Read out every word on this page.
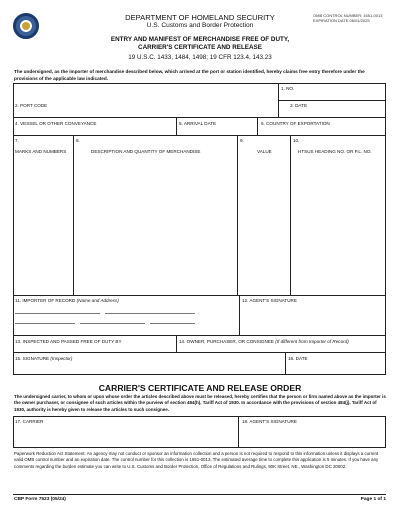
DEPARTMENT OF HOMELAND SECURITY
U.S. Customs and Border Protection
OMB CONTROL NUMBER: 1651-0013
EXPIRATION DATE 06/01/2025
ENTRY AND MANIFEST OF MERCHANDISE FREE OF DUTY,
CARRIER'S CERTIFICATE AND RELEASE
19 U.S.C. 1433, 1484, 1498; 19 CFR 123.4, 143.23
The undersigned, as the importer of merchandise described below, which arrived at the port or station identified, hereby claims free entry therefore under the provisions of the applicable law indicated.
1. NO.
2. PORT CODE	3. DATE
4. VESSEL OR OTHER CONVEYANCE	5. ARRIVAL DATE	6. COUNTRY OF EXPORTATION
7.
MARKS AND NUMBERS
8.
DESCRIPTION AND QUANTITY OF MERCHANDISE
9.
VALUE
10.
HTSUS HEADING NO. OR P.L. NO.
11. IMPORTER OF RECORD (Name and Address)	12. AGENT'S SIGNATURE
13. INSPECTED AND PASSED FREE OF DUTY BY	14. OWNER, PURCHASER, OR CONSIGNEE (If different from Importer of Record)
15. SIGNATURE (Inspector)	16. DATE
CARRIER'S CERTIFICATE AND RELEASE ORDER
The undersigned carrier, to whom or upon whose order the articles described above must be released, hereby certifies that the person or firm named above as the importer is the owner purchaser, or consignee of such articles within the purview of section 484(h), Tariff Act of 1930. In accordance with the provisions of section 484(j), Tariff Act of 1930, authority is hereby given to release the articles to such consignee.
17. CARRIER	18. AGENT'S SIGNATURE
Paperwork Reduction Act Statement: An agency may not conduct or sponsor an information collection and a person is not required to respond to this information unless it displays a current valid OMB control number and an expiration date. The control number for this collection is 1651-0013. The estimated average time to complete this application is 5 minutes. If you have any comments regarding the burden estimate you can write to U.S. Customs and Border Protection, Office of Regulations and Rulings, 90K Street, NE., Washington DC 20002.
CBP Form 7523 (05/24)	Page 1 of 1
